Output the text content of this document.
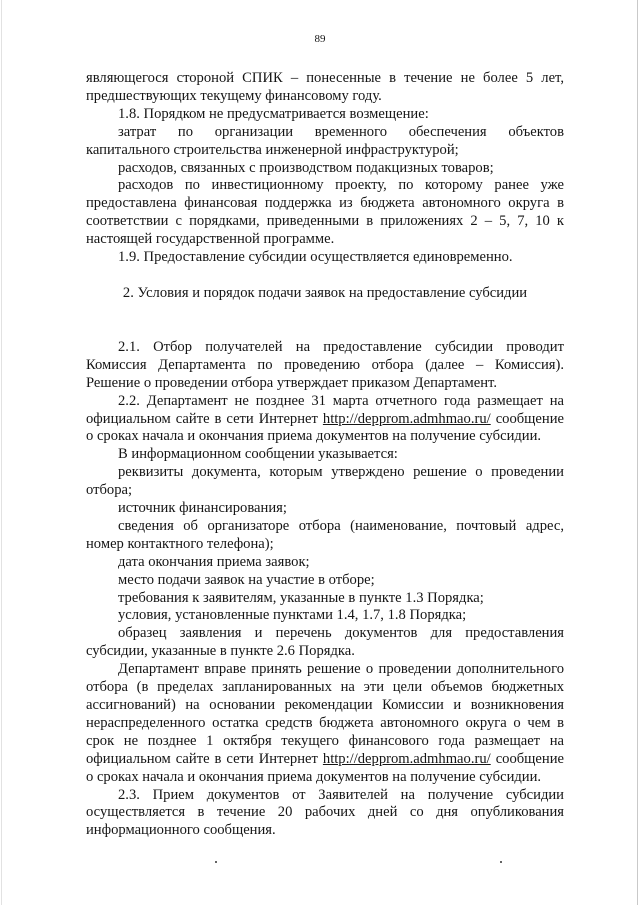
89

являющегося стороной СПИК – понесенные в течение не более 5 лет,

предшествующих текущему финансовому году.

1.8. Порядком не предусматривается возмещение:

затрат по организации временного обеспечения объектов

капитального строительства инженерной инфраструктурой;

расходов, связанных с производством подакцизных товаров;

расходов по инвестиционному проекту, по которому ранее уже

предоставлена финансовая поддержка из бюджета автономного округа в

соответствии с порядками, приведенными в приложениях 2 – 5, 7, 10 к

настоящей государственной программе.

1.9. Предоставление субсидии осуществляется единовременно.

2. Условия и порядок подачи заявок на предоставление субсидии

2.1. Отбор получателей на предоставление субсидии проводит

Комиссия Департамента по проведению отбора (далее – Комиссия).

Решение о проведении отбора утверждает приказом Департамент.

2.2. Департамент не позднее 31 марта отчетного года размещает на

официальном сайте в сети Интернет http://depprom.admhmao.ru/ сообщение

о сроках начала и окончания приема документов на получение субсидии.

В информационном сообщении указывается:

реквизиты документа, которым утверждено решение о проведении

отбора;

источник финансирования;

сведения об организаторе отбора (наименование, почтовый адрес,

номер контактного телефона);

дата окончания приема заявок;

место подачи заявок на участие в отборе;

требования к заявителям, указанные в пункте 1.3 Порядка;

условия, установленные пунктами 1.4, 1.7, 1.8 Порядка;

образец заявления и перечень документов для предоставления

субсидии, указанные в пункте 2.6 Порядка.

Департамент вправе принять решение о проведении дополнительного

отбора (в пределах запланированных на эти цели объемов бюджетных

ассигнований) на основании рекомендации Комиссии и возникновения

нераспределенного остатка средств бюджета автономного округа о чем в

срок не позднее 1 октября текущего финансового года размещает на

официальном сайте в сети Интернет http://depprom.admhmao.ru/ сообщение

о сроках начала и окончания приема документов на получение субсидии.

2.3. Прием документов от Заявителей на получение субсидии

осуществляется в течение 20 рабочих дней со дня опубликования

информационного сообщения.
